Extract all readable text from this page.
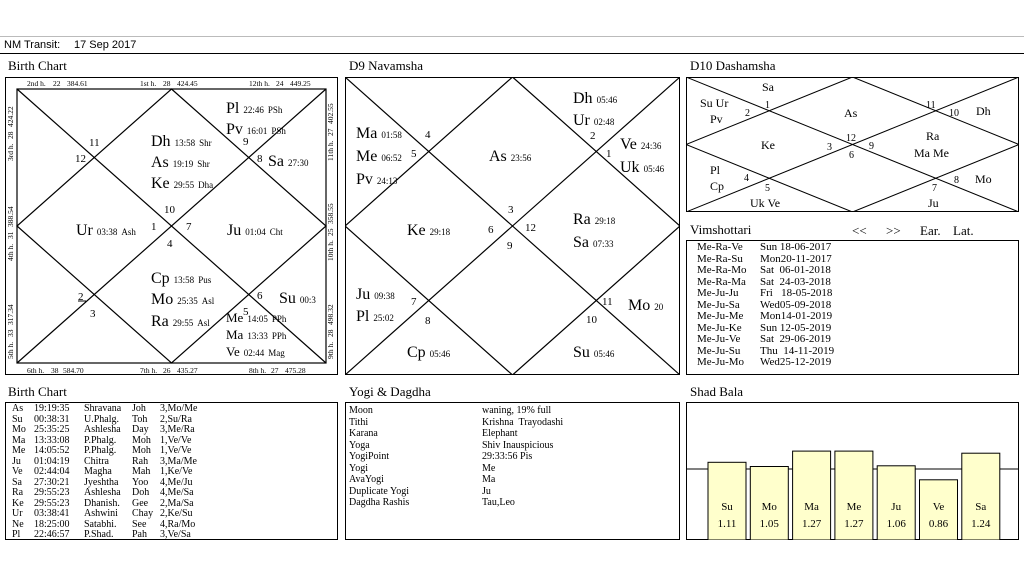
NM Transit: 17 Sep 2017
Birth Chart
2nd h. 22 384.61	1st h. 28 424.45	12th h. 24 449.25
6th h. 38 584.70	7th h. 26 435.27	8th h. 27 475.28
3rd h.
28
424.22
4th h.
31
388.54
5th h.
33
317.34
11th h.
27
402.55
10th h.
25
358.55
9th h.
28
498.32
11
12
10
1
4
7
2
3
6
5
8
9
Pl 22:46 PSh
Pv 16:01 PSh
Sa 27:30
Dh 13:58 Shr
As 19:19 Shr
Ke 29:55 Dha
Ur 03:38 Ash	Ju 01:04 Cht
Cp 13:58 Pus
Mo 25:35 Asl
Ra 29:55 Asl
Su 00:3
Me 14:05 PPh
Ma 13:33 PPh
Ve 02:44 Mag
D9 Navamsha
4
5
2
1
3
6	12
9
7
8
11
10
Ma 01:58
Me 06:52
Pv 24:13
Dh 05:46
Ur 02:48
Ve 24:36
Uk 05:46
As 23:56
Ke 29:18
Ra 29:18
Sa 07:33
Ju 09:38
Pl 25:02
Mo 20
Cp 05:46	Su 05:46
D10 Dashamsha
1
2
11
10
3
12
9
6
4
5	7
8
Sa
Su Ur
Pv	As	Dh
Ke
Ra
Ma Me
Pl
Cp	Mo
Uk Ve	Ju
Vimshottari	<< >> Ear. Lat.
Me-Ra-Ve Sun 18-06-2017
Me-Ra-Su Mon20-11-2017
Me-Ra-Mo Sat  06-01-2018
Me-Ra-Ma Sat  24-03-2018
Me-Ju-Ju Fri   18-05-2018
Me-Ju-Sa Wed05-09-2018
Me-Ju-Me Mon14-01-2019
Me-Ju-Ke Sun 12-05-2019
Me-Ju-Ve Sat  29-06-2019
Me-Ju-Su Thu  14-11-2019
Me-Ju-Mo Wed25-12-2019
Birth Chart
As 19:19:35 Shravana Joh 3,Mo/Me
Su 00:38:31 U.Phalg. Toh 2,Su/Ra
Mo 25:35:25 Ashlesha Day 3,Me/Ra
Ma 13:33:08 P.Phalg. Moh 1,Ve/Ve
Me 14:05:52 P.Phalg. Moh 1,Ve/Ve
Ju 01:04:19 Chitra Rah 3,Ma/Me
Ve 02:44:04 Magha Mah 1,Ke/Ve
Sa 27:30:21 Jyeshtha Yoo 4,Me/Ju
Ra 29:55:23 Ashlesha Doh 4,Me/Sa
Ke 29:55:23 Dhanish. Gee 2,Ma/Sa
Ur 03:38:41 Ashwini Chay 2,Ke/Su
Ne 18:25:00 Satabhi. See 4,Ra/Mo
Pl 22:46:57 P.Shad. Pah 3,Ve/Sa
Yogi & Dagdha
Moon	waning, 19% full
Tithi	Krishna  Trayodashi
Karana	Elephant
Yoga	Shiv Inauspicious
YogiPoint	29:33:56 Pis
Yogi	Me
AvaYogi	Ma
Duplicate Yogi	Ju
Dagdha Rashis	Tau,Leo
Shad Bala
Su
1.11
Mo
1.05
Ma
1.27
Me
1.27
Ju
1.06
Ve
0.86
Sa
1.24
